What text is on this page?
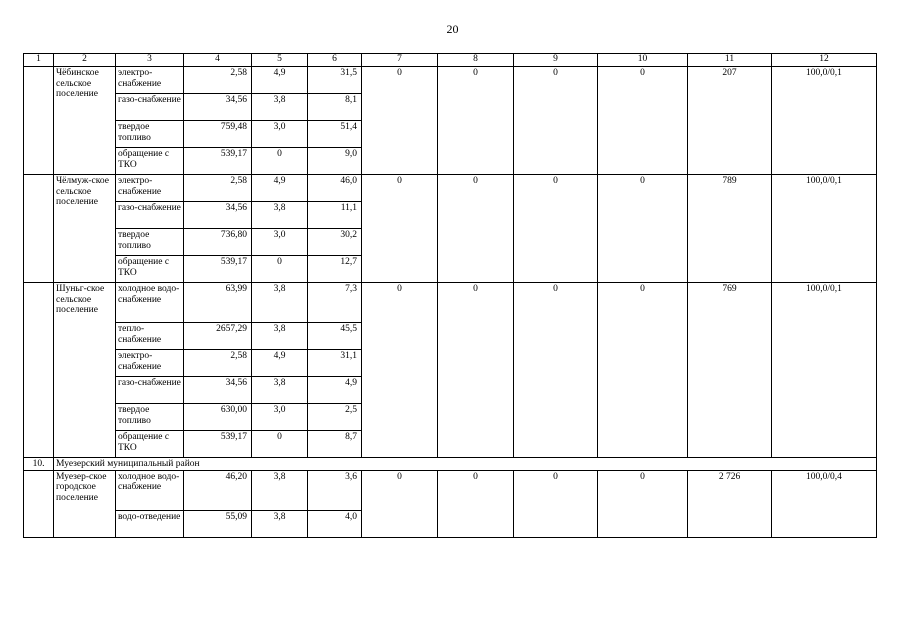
20
1	2	3	4	5	6	7	8	9	10	11	12
	Чёбинское сельское поселение	электро-снабжение	2,58	4,9	31,5	0	0	0	0	207	100,0/0,1
		газо-снабжение	34,56	3,8	8,1						
		твердое топливо	759,48	3,0	51,4						
		обращение с ТКО	539,17	0	9,0						
	Чёлмуж-ское сельское поселение	электро-снабжение	2,58	4,9	46,0	0	0	0	0	789	100,0/0,1
		газо-снабжение	34,56	3,8	11,1						
		твердое топливо	736,80	3,0	30,2						
		обращение с ТКО	539,17	0	12,7						
	Шуньг-ское сельское поселение	холодное водо-снабжение	63,99	3,8	7,3	0	0	0	0	769	100,0/0,1
		тепло-снабжение	2657,29	3,8	45,5						
		электро-снабжение	2,58	4,9	31,1						
		газо-снабжение	34,56	3,8	4,9						
		твердое топливо	630,00	3,0	2,5						
		обращение с ТКО	539,17	0	8,7						
10.	Муезерский муниципальный район										
	Муезер-ское городское поселение	холодное водо-снабжение	46,20	3,8	3,6	0	0	0	0	2 726	100,0/0,4
		водо-отведение	55,09	3,8	4,0						
